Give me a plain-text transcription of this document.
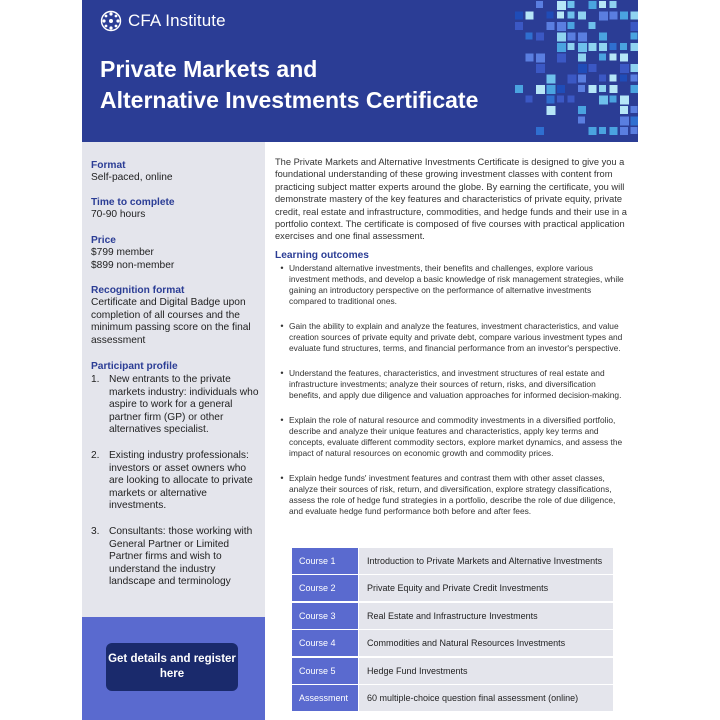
CFA Institute
Private Markets and
Alternative Investments Certificate
Format
Self-paced, online
Time to complete
70-90 hours
Price
$799 member
$899 non-member
Recognition format
Certificate and Digital Badge upon completion of all courses and the minimum passing score on the final assessment
Participant profile
1. New entrants to the private markets industry: individuals who aspire to work for a general partner firm (GP) or other alternatives specialist.
2. Existing industry professionals: investors or asset owners who are looking to allocate to private markets or alternative investments.
3. Consultants: those working with General Partner or Limited Partner firms and wish to understand the industry landscape and terminology
Get details and register here

The Private Markets and Alternative Investments Certificate is designed to give you a foundational understanding of these growing investment classes with content from practicing subject matter experts around the globe. By earning the certificate, you will demonstrate mastery of the key features and characteristics of private equity, private credit, real estate and infrastructure, commodities, and hedge funds and their use in a portfolio context. The certificate is composed of five courses with practical application exercises and one final assessment.

Learning outcomes
• Understand alternative investments, their benefits and challenges, explore various investment methods, and develop a basic knowledge of risk management strategies, while gaining an introductory perspective on the performance of alternative investments compared to traditional ones.
• Gain the ability to explain and analyze the features, investment characteristics, and value creation sources of private equity and private debt, compare various investment types and evaluate fund structures, terms, and financial performance from an investor's perspective.
• Understand the features, characteristics, and investment structures of real estate and infrastructure investments; analyze their sources of return, risks, and diversification benefits, and apply due diligence and valuation approaches for informed decision-making.
• Explain the role of natural resource and commodity investments in a diversified portfolio, describe and analyze their unique features and characteristics, apply key terms and concepts, evaluate different commodity sectors, explore market dynamics, and assess the impact of natural resources on economic growth and commodity prices.
• Explain hedge funds' investment features and contrast them with other asset classes, analyze their sources of risk, return, and diversification, explore strategy classifications, assess the role of hedge fund strategies in a portfolio, describe the role of due diligence, and evaluate hedge fund performance both before and after fees.
Course 1	Introduction to Private Markets and Alternative Investments
Course 2	Private Equity and Private Credit Investments
Course 3	Real Estate and Infrastructure Investments
Course 4	Commodities and Natural Resources Investments
Course 5	Hedge Fund Investments
Assessment	60 multiple-choice question final assessment (online)
